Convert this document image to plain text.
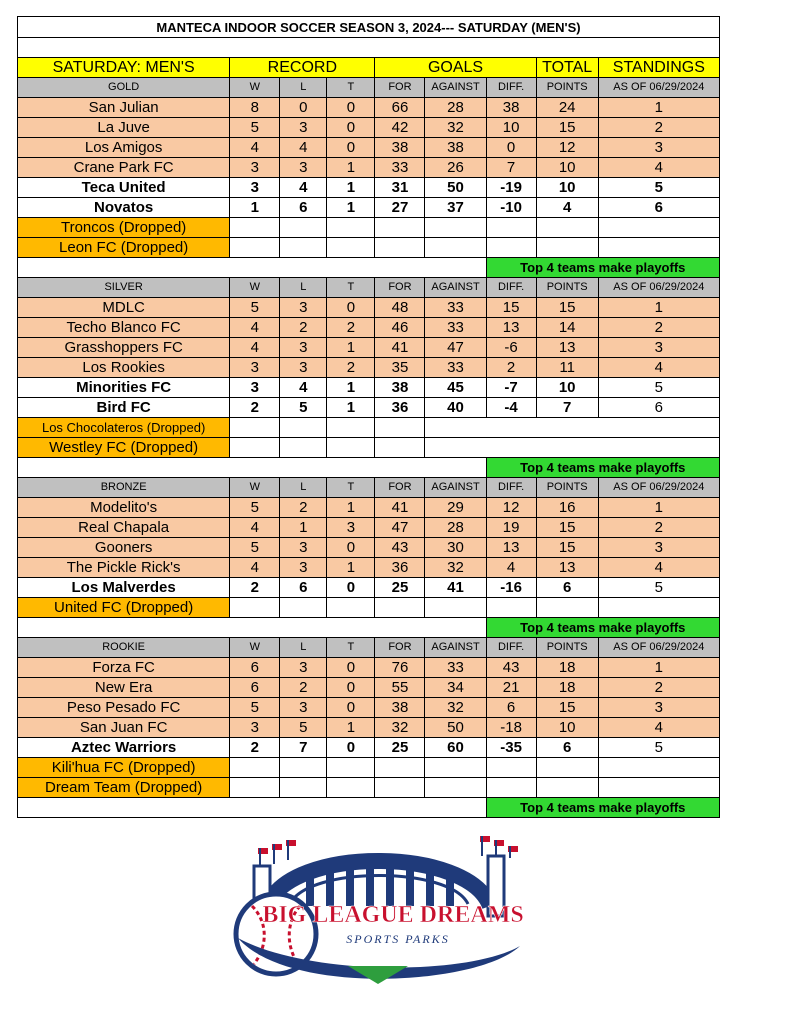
MANTECA INDOOR SOCCER SEASON 3, 2024--- SATURDAY (MEN'S)								

SATURDAY: MEN'S	RECORD			GOALS			TOTAL	STANDINGS
GOLD	W	L	T	FOR	AGAINST	DIFF.	POINTS	AS OF 06/29/2024
San Julian	8	0	0	66	28	38	24	1
La Juve	5	3	0	42	32	10	15	2
Los Amigos	4	4	0	38	38	0	12	3
Crane Park FC	3	3	1	33	26	7	10	4
Teca United	3	4	1	31	50	-19	10	5
Novatos	1	6	1	27	37	-10	4	6
Troncos (Dropped)								
Leon FC (Dropped)								
						Top 4 teams make playoffs		
SILVER	W	L	T	FOR	AGAINST	DIFF.	POINTS	AS OF 06/29/2024
MDLC	5	3	0	48	33	15	15	1
Techo Blanco FC	4	2	2	46	33	13	14	2
Grasshoppers FC	4	3	1	41	47	-6	13	3
Los Rookies	3	3	2	35	33	2	11	4
Minorities FC	3	4	1	38	45	-7	10	5
Bird FC	2	5	1	36	40	-4	7	6
Los Chocolateros (Dropped)								
Westley FC (Dropped)								
						Top 4 teams make playoffs		
BRONZE	W	L	T	FOR	AGAINST	DIFF.	POINTS	AS OF 06/29/2024
Modelito's	5	2	1	41	29	12	16	1
Real Chapala	4	1	3	47	28	19	15	2
Gooners	5	3	0	43	30	13	15	3
The Pickle Rick's	4	3	1	36	32	4	13	4
Los Malverdes	2	6	0	25	41	-16	6	5
United FC (Dropped)								
						Top 4 teams make playoffs		
ROOKIE	W	L	T	FOR	AGAINST	DIFF.	POINTS	AS OF 06/29/2024
Forza FC	6	3	0	76	33	43	18	1
New Era	6	2	0	55	34	21	18	2
Peso Pesado FC	5	3	0	38	32	6	15	3
San Juan FC	3	5	1	32	50	-18	10	4
Aztec Warriors	2	7	0	25	60	-35	6	5
Kili'hua FC (Dropped)								
Dream Team (Dropped)								
						Top 4 teams make playoffs		
BIG LEAGUE DREAMS
SPORTS PARKS
